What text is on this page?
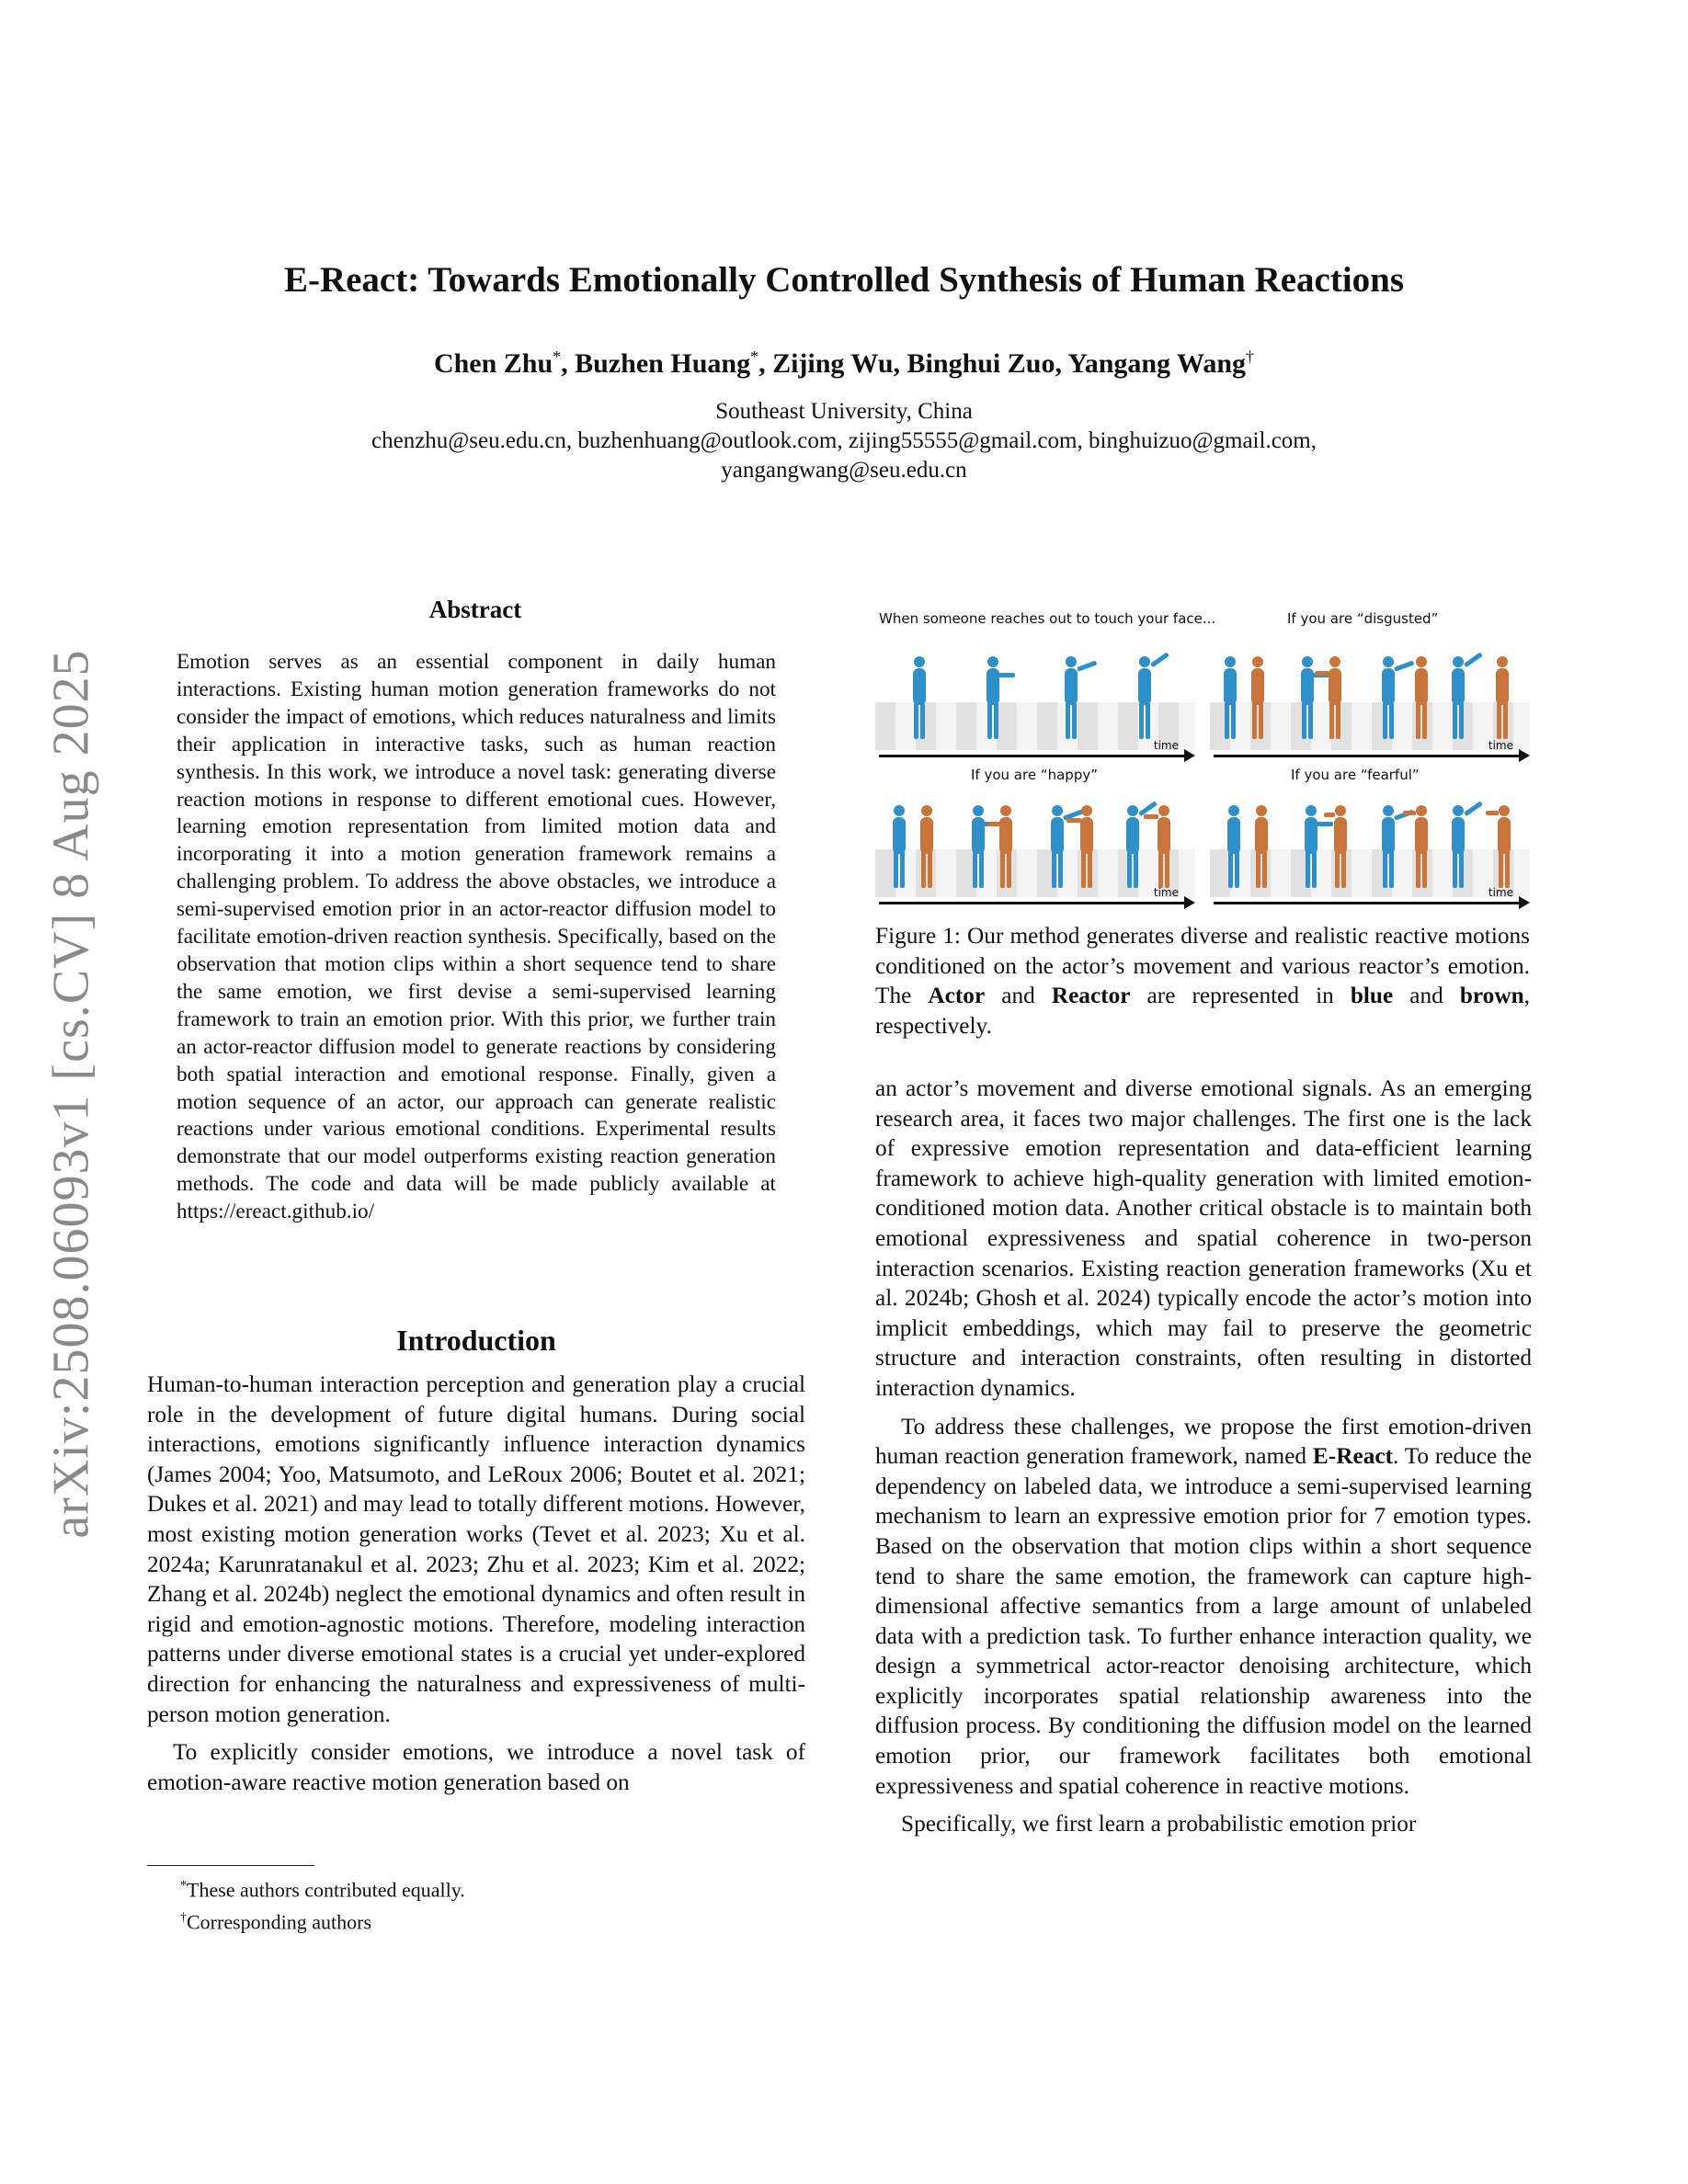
arXiv:2508.06093v1 [cs.CV] 8 Aug 2025
E-React: Towards Emotionally Controlled Synthesis of Human Reactions
Chen Zhu*, Buzhen Huang*, Zijing Wu, Binghui Zuo, Yangang Wang†
Southeast University, China
chenzhu@seu.edu.cn, buzhenhuang@outlook.com, zijing55555@gmail.com, binghuizuo@gmail.com,
yangangwang@seu.edu.cn
Abstract
Emotion serves as an essential component in daily human interactions. Existing human motion generation frameworks do not consider the impact of emotions, which reduces naturalness and limits their application in interactive tasks, such as human reaction synthesis. In this work, we introduce a novel task: generating diverse reaction motions in response to different emotional cues. However, learning emotion representation from limited motion data and incorporating it into a motion generation framework remains a challenging problem. To address the above obstacles, we introduce a semi-supervised emotion prior in an actor-reactor diffusion model to facilitate emotion-driven reaction synthesis. Specifically, based on the observation that motion clips within a short sequence tend to share the same emotion, we first devise a semi-supervised learning framework to train an emotion prior. With this prior, we further train an actor-reactor diffusion model to generate reactions by considering both spatial interaction and emotional response. Finally, given a motion sequence of an actor, our approach can generate realistic reactions under various emotional conditions. Experimental results demonstrate that our model outperforms existing reaction generation methods. The code and data will be made publicly available at https://ereact.github.io/
Introduction

Human-to-human interaction perception and generation play a crucial role in the development of future digital humans. During social interactions, emotions significantly influence interaction dynamics (James 2004; Yoo, Matsumoto, and LeRoux 2006; Boutet et al. 2021; Dukes et al. 2021) and may lead to totally different motions. However, most existing motion generation works (Tevet et al. 2023; Xu et al. 2024a; Karunratanakul et al. 2023; Zhu et al. 2023; Kim et al. 2022; Zhang et al. 2024b) neglect the emotional dynamics and often result in rigid and emotion-agnostic motions. Therefore, modeling interaction patterns under diverse emotional states is a crucial yet under-explored direction for enhancing the naturalness and expressiveness of multi-person motion generation.

To explicitly consider emotions, we introduce a novel task of emotion-aware reactive motion generation based on

*These authors contributed equally.
†Corresponding authors
When someone reaches out to touch your face...	If you are “disgusted”
time	time
If you are “happy”	If you are “fearful”
time	time
Figure 1: Our method generates diverse and realistic reactive motions conditioned on the actor’s movement and various reactor’s emotion. The Actor and Reactor are represented in blue and brown, respectively.

an actor’s movement and diverse emotional signals. As an emerging research area, it faces two major challenges. The first one is the lack of expressive emotion representation and data-efficient learning framework to achieve high-quality generation with limited emotion-conditioned motion data. Another critical obstacle is to maintain both emotional expressiveness and spatial coherence in two-person interaction scenarios. Existing reaction generation frameworks (Xu et al. 2024b; Ghosh et al. 2024) typically encode the actor’s motion into implicit embeddings, which may fail to preserve the geometric structure and interaction constraints, often resulting in distorted interaction dynamics.

To address these challenges, we propose the first emotion-driven human reaction generation framework, named E-React. To reduce the dependency on labeled data, we introduce a semi-supervised learning mechanism to learn an expressive emotion prior for 7 emotion types. Based on the observation that motion clips within a short sequence tend to share the same emotion, the framework can capture high-dimensional affective semantics from a large amount of unlabeled data with a prediction task. To further enhance interaction quality, we design a symmetrical actor-reactor denoising architecture, which explicitly incorporates spatial relationship awareness into the diffusion process. By conditioning the diffusion model on the learned emotion prior, our framework facilitates both emotional expressiveness and spatial coherence in reactive motions.

Specifically, we first learn a probabilistic emotion prior
